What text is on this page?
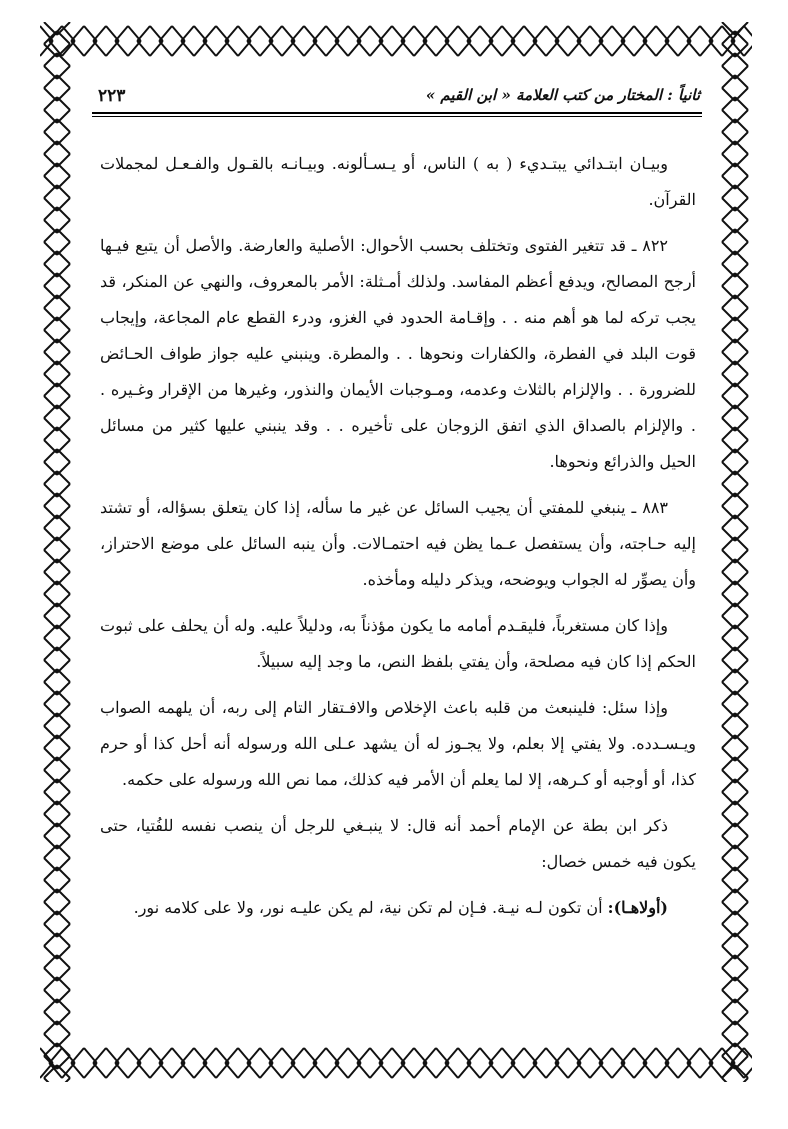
ثانياً : المختار من كتب العلامة « ابن القيم »
٢٢٣

وبيـان ابتـدائي يبتـديء ( به ) الناس، أو يـسـألونه. وبيـانـه بالقـول والفـعـل لمجملات القرآن.

٨٢٢ ـ قد تتغير الفتوى وتختلف بحسب الأحوال: الأصلية والعارضة. والأصل أن يتبع فيـها أرجح المصالح، ويدفع أعظم المفاسد. ولذلك أمـثلة: الأمر بالمعروف، والنهي عن المنكر، قد يجب تركه لما هو أهم منه . . وإقـامة الحدود في الغزو، ودرء القطع عام المجاعة، وإيجاب قوت البلد في الفطرة، والكفارات ونحوها . . والمطرة. وينبني عليه جواز طواف الحـائض للضرورة . . والإلزام بالثلاث وعدمه، ومـوجبات الأيمان والنذور، وغيرها من الإقرار وغـيره . . والإلزام بالصداق الذي اتفق الزوجان على تأخيره . . وقد ينبني عليها كثير من مسائل الحيل والذرائع ونحوها.

٨٨٣ ـ ينبغي للمفتي أن يجيب السائل عن غير ما سأله، إذا كان يتعلق بسؤاله، أو تشتد إليه حـاجته، وأن يستفصل عـما يظن فيه احتمـالات. وأن ينبه السائل على موضع الاحتراز، وأن يصوِّر له الجواب ويوضحه، ويذكر دليله ومأخذه.

وإذا كان مستغرباً، فليقـدم أمامه ما يكون مؤذناً به، ودليلاً عليه. وله أن يحلف على ثبوت الحكم إذا كان فيه مصلحة، وأن يفتي بلفظ النص، ما وجد إليه سبيلاً.

وإذا سئل: فلينبعث من قلبه باعث الإخلاص والافـتقار التام إلى ربه، أن يلهمه الصواب ويـسـدده. ولا يفتي إلا بعلم، ولا يجـوز له أن يشهد عـلى الله ورسوله أنه أحل كذا أو حرم كذا، أو أوجبه أو كـرهه، إلا لما يعلم أن الأمر فيه كذلك، مما نص الله ورسوله على حكمه.

ذكر ابن بطة عن الإمام أحمد أنه قال: لا ينبـغي للرجل أن ينصب نفسه للفُتيا، حتى يكون فيه خمس خصال:

(أولاهـا): أن تكون لـه نيـة. فـإن لم تكن نية، لم يكن عليـه نور، ولا على كلامه نور.
